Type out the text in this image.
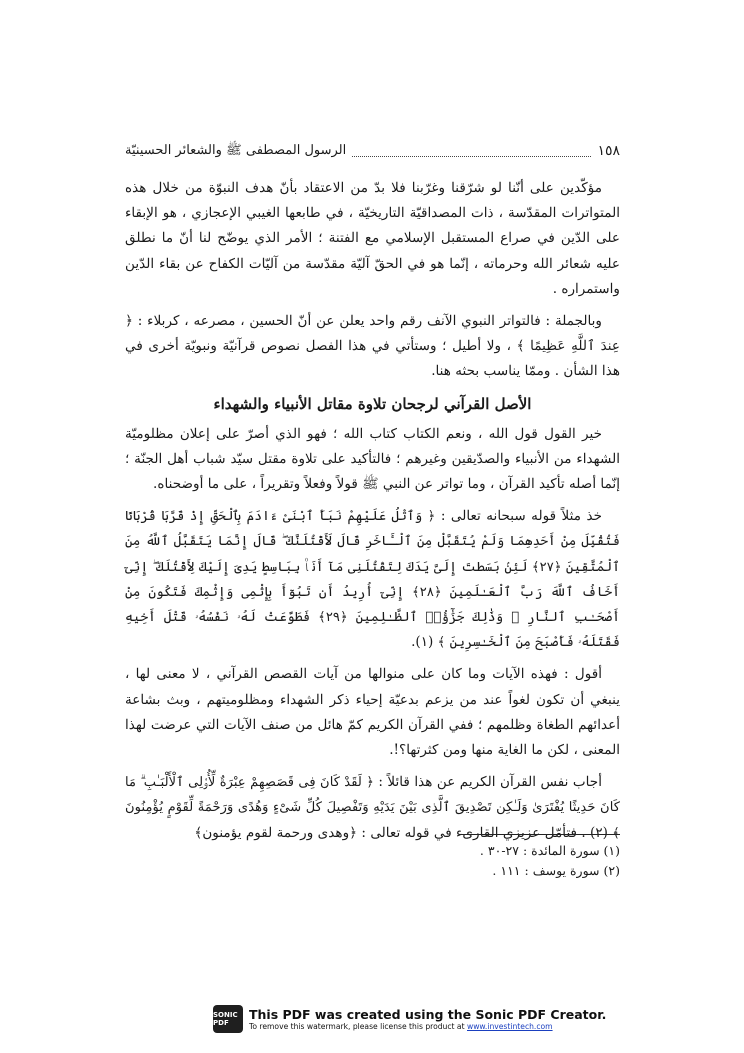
١٥٨
الرسول المصطفى ﷺ والشعائر الحسينيّة

مؤكّدين على أنّنا لو شرّقنا وغرّبنا فلا بدّ من الاعتقاد بأنّ هدف النبوّة من خلال هذه المتواترات المقدّسة ، ذات المصداقيّة التاريخيّة ، في طابعها الغيبي الإعجازي ، هو الإبقاء على الدّين في صراع المستقبل الإسلامي مع الفتنة ؛ الأمر الذي يوضّح لنا أنّ ما نطلق عليه شعائر الله وحرماته ، إنّما هو في الحقّ آليّة مقدّسة من آليّات الكفاح عن بقاء الدّين واستمراره .

وبالجملة : فالتواتر النبوي الآنف رقم واحد يعلن عن أنّ الحسين ، مصرعه ، كربلاء : ﴿ عِندَ ٱللَّهِ عَظِيمًا ﴾ ، ولا أطيل ؛ وستأتي في هذا الفصل نصوص قرآنيّة ونبويّة أخرى في هذا الشأن . وممّا يناسب بحثه هنا.

الأصل القرآني لرجحان تلاوة مقاتل الأنبياء والشهداء

خير القول قول الله ، ونعم الكتاب كتاب الله ؛ فهو الذي أصرّ على إعلان مظلوميّة الشهداء من الأنبياء والصدّيقين وغيرهم ؛ فالتأكيد على تلاوة مقتل سيّد شباب أهل الجنّة ؛ إنّما أصله تأكيد القرآن ، وما تواتر عن النبي ﷺ قولاً وفعلاً وتقريراً ، على ما أوضحناه.

خذ مثلاً قوله سبحانه تعالى : ﴿ وَٱتْلُ عَلَيْهِمْ نَبَأَ ٱبْنَىْ ءَادَمَ بِٱلْحَقِّ إِذْ قَرَّبَا قُرْبَانًا فَتُقُبِّلَ مِنْ أَحَدِهِمَا وَلَمْ يُتَقَبَّلْ مِنَ ٱلْـَٔاخَرِ قَالَ لَأَقْتُلَنَّكَ ۖ قَالَ إِنَّمَا يَتَقَبَّلُ ٱللَّهُ مِنَ ٱلْمُتَّقِينَ ﴿٢٧﴾ لَئِنۢ بَسَطتَ إِلَىَّ يَدَكَ لِتَقْتُلَنِى مَآ أَنَا۠ بِبَاسِطٍ يَدِىَ إِلَيْكَ لِأَقْتُلَكَ ۖ إِنِّىٓ أَخَافُ ٱللَّهَ رَبَّ ٱلْعَـٰلَمِينَ ﴿٢٨﴾ إِنِّىٓ أُرِيدُ أَن تَبُوٓأَ بِإِثْمِى وَإِثْمِكَ فَتَكُونَ مِنْ أَصْحَـٰبِ ٱلنَّارِ ۚ وَذَٰلِكَ جَزَٰٓؤُا۟ ٱلظَّـٰلِمِينَ ﴿٢٩﴾ فَطَوَّعَتْ لَهُۥ نَفْسُهُۥ قَتْلَ أَخِيهِ فَقَتَلَهُۥ فَأَصْبَحَ مِنَ ٱلْخَـٰسِرِينَ ﴾ (١).

أقول : فهذه الآيات وما كان على منوالها من آيات القصص القرآني ، لا معنى لها ، ينبغي أن تكون لغواً عند من يزعم بدعيّة إحياء ذكر الشهداء ومظلوميتهم ، وبث بشاعة أعدائهم الطغاة وظلمهم ؛ ففي القرآن الكريم كمّ هائل من صنف الآيات التي عرضت لهذا المعنى ، لكن ما الغاية منها ومن كثرتها؟!.

أجاب نفس القرآن الكريم عن هذا قائلاً : ﴿ لَقَدْ كَانَ فِى قَصَصِهِمْ عِبْرَةٌ لِّأُو۟لِى ٱلْأَلْبَـٰبِ ۗ مَا كَانَ حَدِيثًا يُفْتَرَىٰ وَلَـٰكِن تَصْدِيقَ ٱلَّذِى بَيْنَ يَدَيْهِ وَتَفْصِيلَ كُلِّ شَىْءٍ وَهُدًى وَرَحْمَةً لِّقَوْمٍ يُؤْمِنُونَ ﴾ (٢) . فتأمّل عزيزي القارىء في قوله تعالى : ﴿وهدى ورحمة لقوم يؤمنون﴾

(١) سورة المائدة : ٢٧-٣٠ .
(٢) سورة يوسف : ١١١ .
SONIC PDF
This PDF was created using the Sonic PDF Creator.
To remove this watermark, please license this product at www.investintech.com
